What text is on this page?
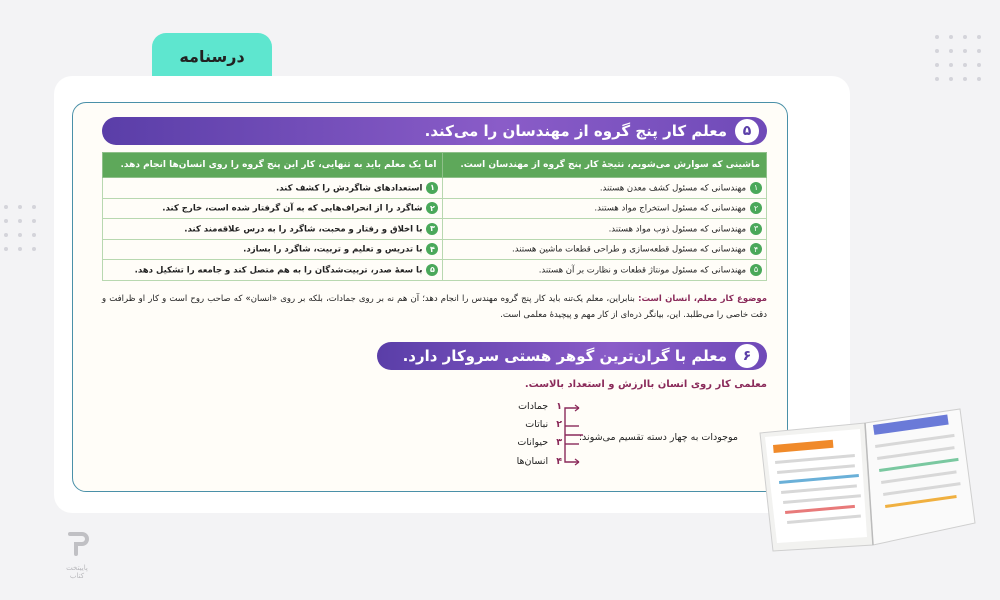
درسنامه
۵
معلم کار پنج گروه از مهندسان را می‌کند.
ماشینی که سوارش می‌شویم، نتیجهٔ کار پنج گروه از مهندسان است.	اما یک معلم باید به تنهایی، کار این پنج گروه را روی انسان‌ها انجام دهد.
۱مهندسانی که مسئول کشف معدن هستند.	۱استعدادهای شاگردش را کشف کند.
۲مهندسانی که مسئول استخراج مواد هستند.	۲شاگرد را از انحراف‌هایی که به آن گرفتار شده است، خارج کند.
۳مهندسانی که مسئول ذوب مواد هستند.	۳با اخلاق و رفتار و محبت، شاگرد را به درس علاقه‌مند کند.
۴مهندسانی که مسئول قطعه‌سازی و طراحی قطعات ماشین هستند.	۴با تدریس و تعلیم و تربیت، شاگرد را بسازد.
۵مهندسانی که مسئول مونتاژ قطعات و نظارت بر آن هستند.	۵با سعهٔ صدر، تربیت‌شدگان را به هم متصل کند و جامعه را تشکیل دهد.
موضوع کار معلم، انسان است: بنابراین، معلم یک‌تنه باید کار پنج گروه مهندس را انجام دهد؛ آن هم نه بر روی جمادات، بلکه بر روی «انسان» که صاحب روح است و کار او ظرافت و دقت خاصی را می‌طلبد. این، بیانگر ذره‌ای از کار مهم و پیچیدهٔ معلمی است.
۶
معلم با گران‌ترین گوهر هستی سروکار دارد.
معلمی کار روی انسان باارزش و استعداد بالاست.
موجودات به چهار دسته تقسیم می‌شوند:
۱جمادات
۲نباتات
۳حیوانات
۴انسان‌ها
پاییتخت کتاب
